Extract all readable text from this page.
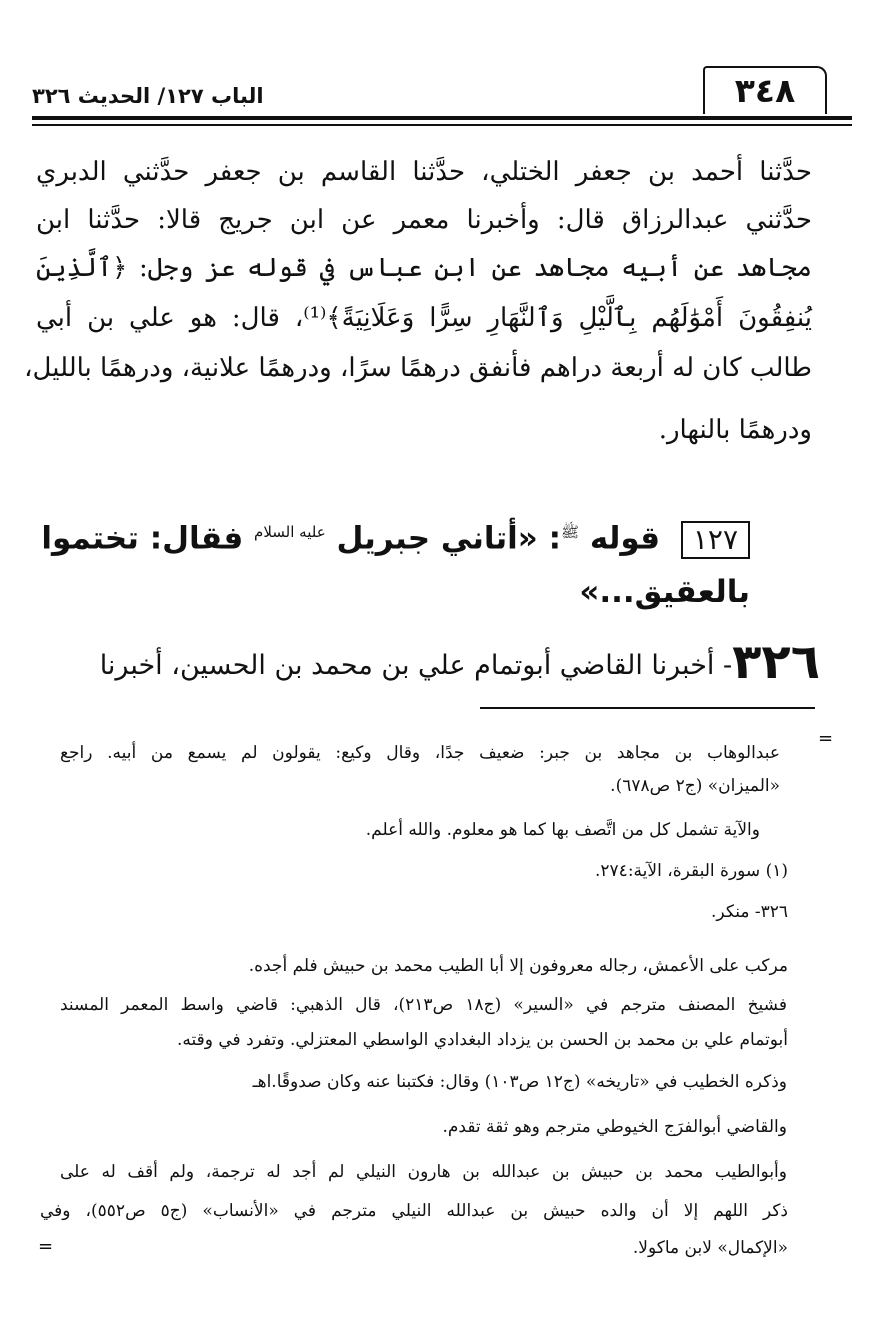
الباب ١٢٧/ الحديث ٣٢٦	٣٤٨
حدَّثنا أحمد بن جعفر الختلي، حدَّثنا القاسم بن جعفر حدَّثني الدبري
حدَّثني عبدالرزاق قال: وأخبرنا معمر عن ابن جريج قالا: حدَّثنا ابن
مجاهد عن أبيه مجاهد عن ابن عباس في قوله عز وجل: ﴿ٱلَّذِينَ
يُنفِقُونَ أَمْوَٰلَهُم بِٱلَّيْلِ وَٱلنَّهَارِ سِرًّا وَعَلَانِيَةً﴾⁽¹⁾، قال: هو علي بن أبي
طالب كان له أربعة دراهم فأنفق درهمًا سرًا، ودرهمًا علانية، ودرهمًا بالليل،
ودرهمًا بالنهار.
١٢٧ قوله $^ﷺ$: «أتاني جبريل $^{عليه السلام}$ فقال: تختموا
بالعقيق...»
٣٢٦- أخبرنا القاضي أبوتمام علي بن محمد بن الحسين، أخبرنا
=
=
عبدالوهاب بن مجاهد بن جبر: ضعيف جدًا، وقال وكيع: يقولون لم يسمع من أبيه. راجع
«الميزان» (ج٢ ص٦٧٨).
والآية تشمل كل من اتَّصف بها كما هو معلوم. والله أعلم.
(١) سورة البقرة، الآية:٢٧٤.
٣٢٦- منكر.
مركب على الأعمش، رجاله معروفون إلا أبا الطيب محمد بن حبيش فلم أجده.
فشيخ المصنف مترجم في «السير» (ج١٨ ص٢١٣)، قال الذهبي: قاضي واسط المعمر المسند
أبوتمام علي بن محمد بن الحسن بن يزداد البغدادي الواسطي المعتزلي. وتفرد في وقته.
وذكره الخطيب في «تاريخه» (ج١٢ ص١٠٣) وقال: فكتبنا عنه وكان صدوقًا.اهـ
والقاضي أبوالفرَج الخيوطي مترجم وهو ثقة تقدم.
وأبوالطيب محمد بن حبيش بن عبدالله بن هارون النيلي لم أجد له ترجمة، ولم أقف له على
ذكر اللهم إلا أن والده حبيش بن عبدالله النيلي مترجم في «الأنساب» (ج٥ ص٥٥٢)، وفي
«الإكمال» لابن ماكولا.
